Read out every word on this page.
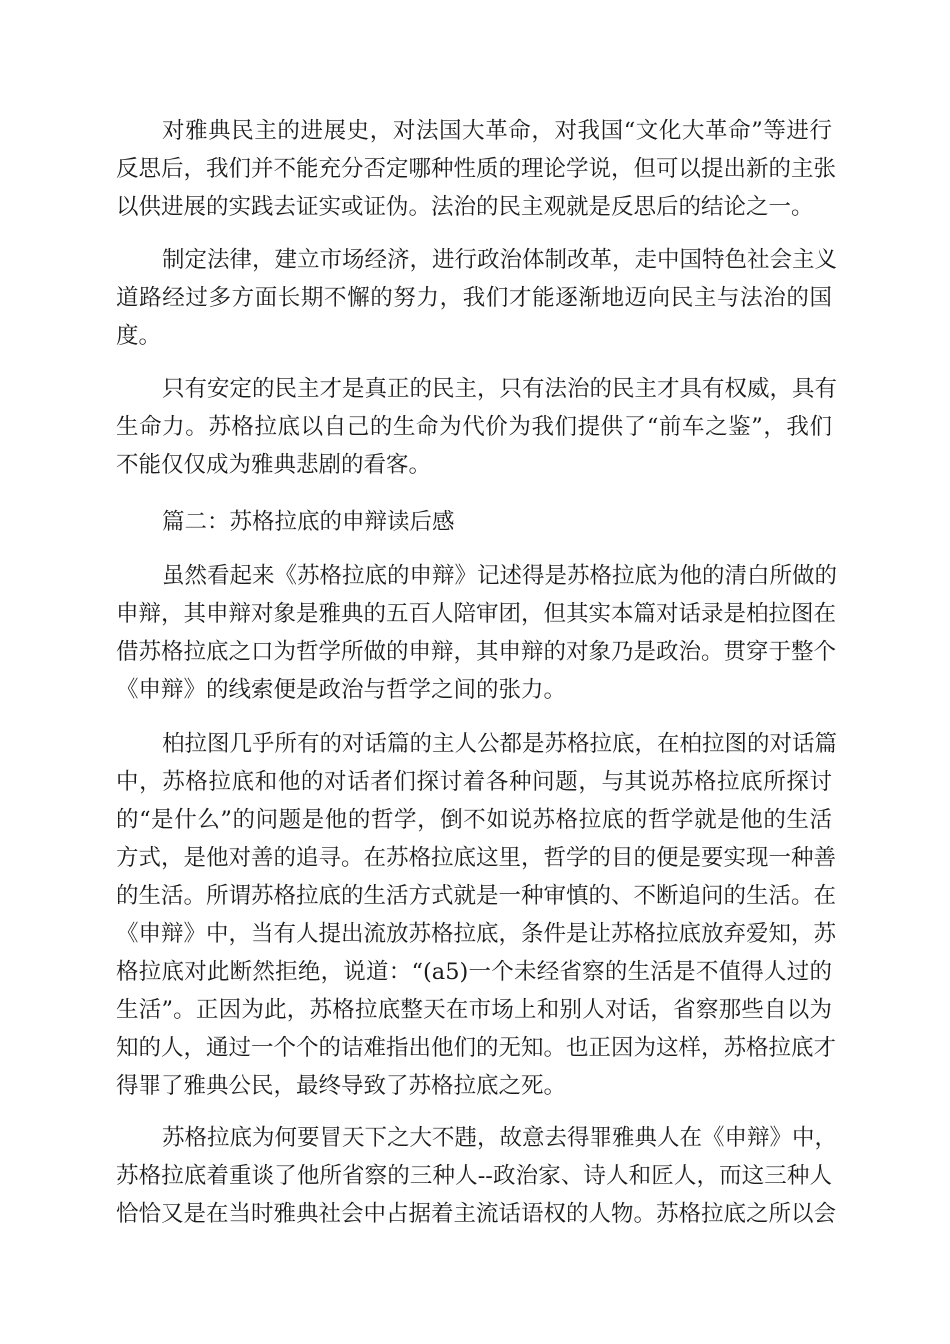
对雅典民主的进展史，对法国大革命，对我国“文化大革命”等进行
反思后，我们并不能充分否定哪种性质的理论学说，但可以提出新的主张
以供进展的实践去证实或证伪。法治的民主观就是反思后的结论之一。
制定法律，建立市场经济，进行政治体制改革，走中国特色社会主义
道路经过多方面长期不懈的努力，我们才能逐渐地迈向民主与法治的国
度。
只有安定的民主才是真正的民主，只有法治的民主才具有权威，具有
生命力。苏格拉底以自己的生命为代价为我们提供了“前车之鉴”，我们
不能仅仅成为雅典悲剧的看客。
篇二：苏格拉底的申辩读后感
虽然看起来《苏格拉底的申辩》记述得是苏格拉底为他的清白所做的
申辩，其申辩对象是雅典的五百人陪审团，但其实本篇对话录是柏拉图在
借苏格拉底之口为哲学所做的申辩，其申辩的对象乃是政治。贯穿于整个
《申辩》的线索便是政治与哲学之间的张力。
柏拉图几乎所有的对话篇的主人公都是苏格拉底，在柏拉图的对话篇
中，苏格拉底和他的对话者们探讨着各种问题，与其说苏格拉底所探讨
的“是什么”的问题是他的哲学，倒不如说苏格拉底的哲学就是他的生活
方式，是他对善的追寻。在苏格拉底这里，哲学的目的便是要实现一种善
的生活。所谓苏格拉底的生活方式就是一种审慎的、不断追问的生活。在
《申辩》中，当有人提出流放苏格拉底，条件是让苏格拉底放弃爱知，苏
格拉底对此断然拒绝，说道：“(a5)一个未经省察的生活是不值得人过的
生活”。正因为此，苏格拉底整天在市场上和别人对话，省察那些自以为
知的人，通过一个个的诘难指出他们的无知。也正因为这样，苏格拉底才
得罪了雅典公民，最终导致了苏格拉底之死。
苏格拉底为何要冒天下之大不韪，故意去得罪雅典人在《申辩》中，
苏格拉底着重谈了他所省察的三种人--政治家、诗人和匠人，而这三种人
恰恰又是在当时雅典社会中占据着主流话语权的人物。苏格拉底之所以会
